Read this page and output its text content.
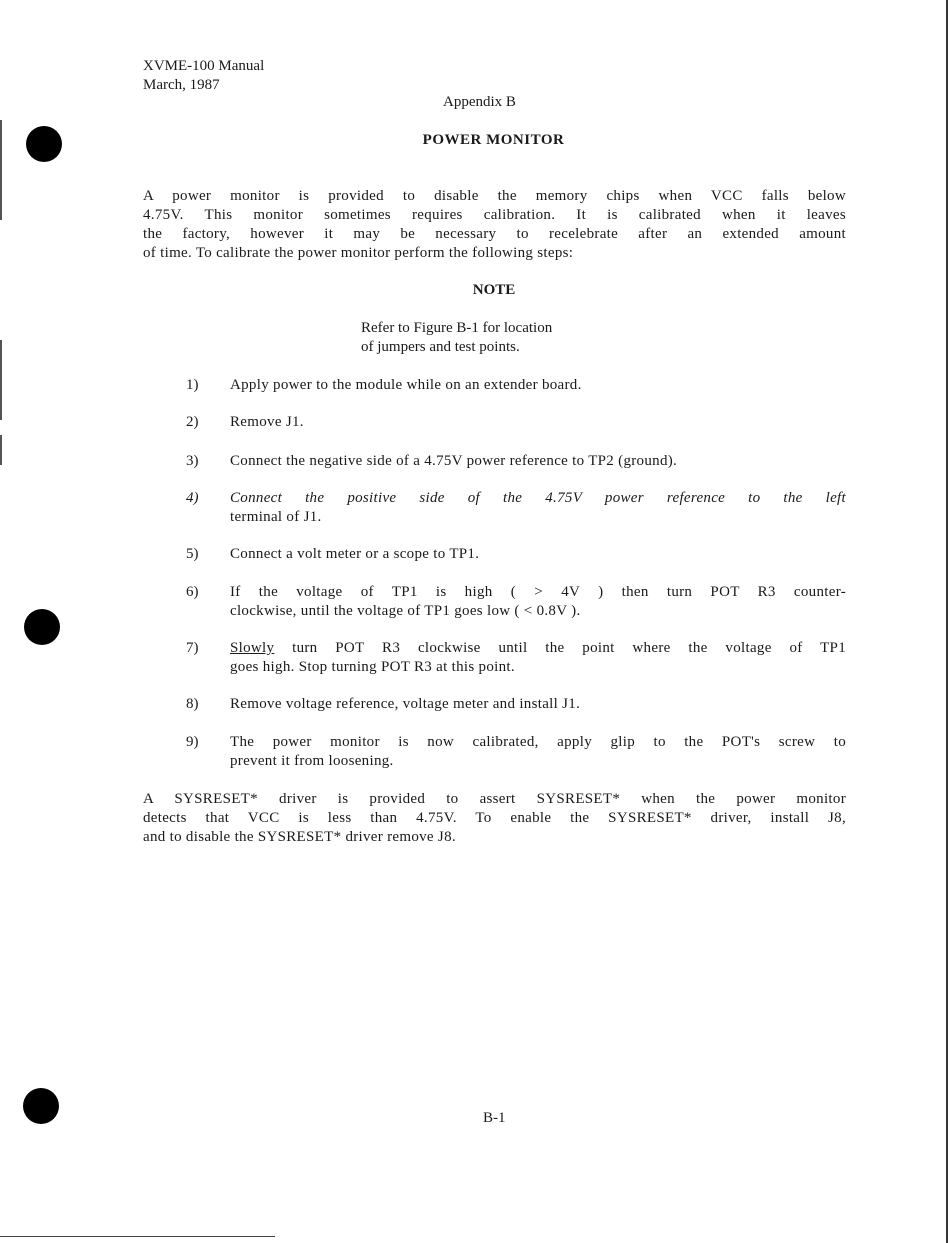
XVME-100 Manual
March, 1987
Appendix B
POWER MONITOR
A power monitor is provided to disable the memory chips when VCC falls below
4.75V. This monitor sometimes requires calibration. It is calibrated when it leaves
the factory, however it may be necessary to recelebrate after an extended amount
of time. To calibrate the power monitor perform the following steps:
NOTE
Refer to Figure B-1 for location
of jumpers and test points.
1)	Apply power to the module while on an extender board.
2)	Remove J1.
3)	Connect the negative side of a 4.75V power reference to TP2 (ground).
4)	Connect the positive side of the 4.75V power reference to the left
terminal of J1.
5)	Connect a volt meter or a scope to TP1.
6)	If the voltage of TP1 is high ( > 4V ) then turn POT R3 counter-
clockwise, until the voltage of TP1 goes low ( < 0.8V ).
7)	Slowly turn POT R3 clockwise until the point where the voltage of TP1
goes high. Stop turning POT R3 at this point.
8)	Remove voltage reference, voltage meter and install J1.
9)	The power monitor is now calibrated, apply glip to the POT's screw to
prevent it from loosening.
A SYSRESET* driver is provided to assert SYSRESET* when the power monitor
detects that VCC is less than 4.75V. To enable the SYSRESET* driver, install J8,
and to disable the SYSRESET* driver remove J8.
B-1
